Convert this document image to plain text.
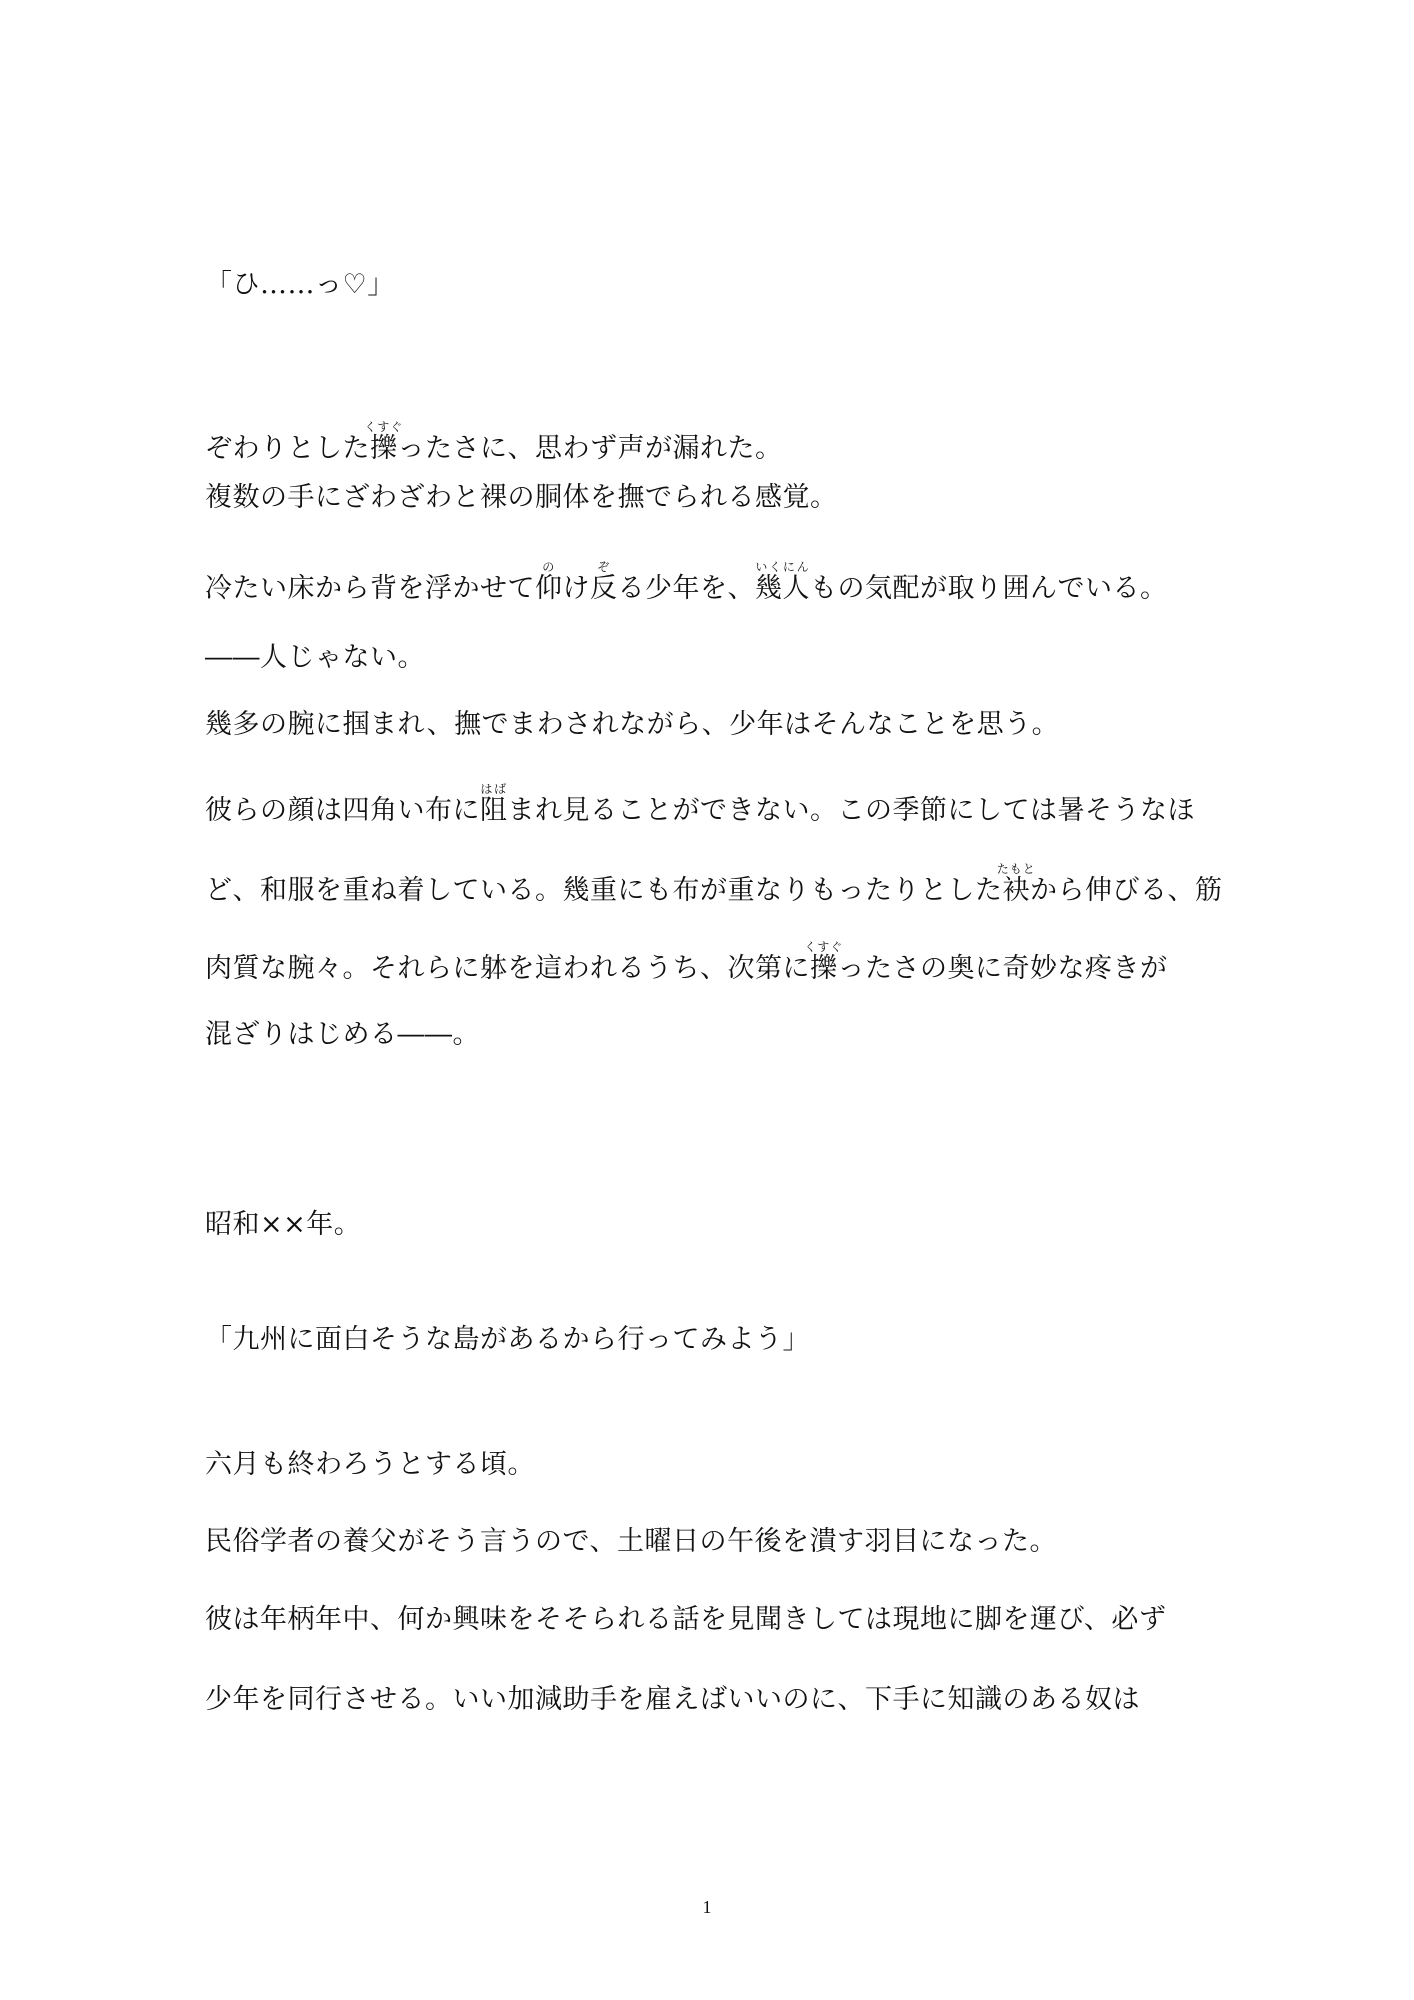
「ひ……っ♡」

ぞわりとした擽くすぐったさに、思わず声が漏れた。

複数の手にざわざわと裸の胴体を撫でられる感覚。

冷たい床から背を浮かせて仰のけ反ぞる少年を、幾人いくにんもの気配が取り囲んでいる。

――人じゃない。

幾多の腕に掴まれ、撫でまわされながら、少年はそんなことを思う。

彼らの顔は四角い布に阻はばまれ見ることができない。この季節にしては暑そうなほ

ど、和服を重ね着している。幾重にも布が重なりもったりとした袂たもとから伸びる、筋

肉質な腕々。それらに躰を這われるうち、次第に擽くすぐったさの奥に奇妙な疼きが

混ざりはじめる――。

昭和××年。

「九州に面白そうな島があるから行ってみよう」

六月も終わろうとする頃。

民俗学者の養父がそう言うので、土曜日の午後を潰す羽目になった。

彼は年柄年中、何か興味をそそられる話を見聞きしては現地に脚を運び、必ず

少年を同行させる。いい加減助手を雇えばいいのに、下手に知識のある奴は

1
